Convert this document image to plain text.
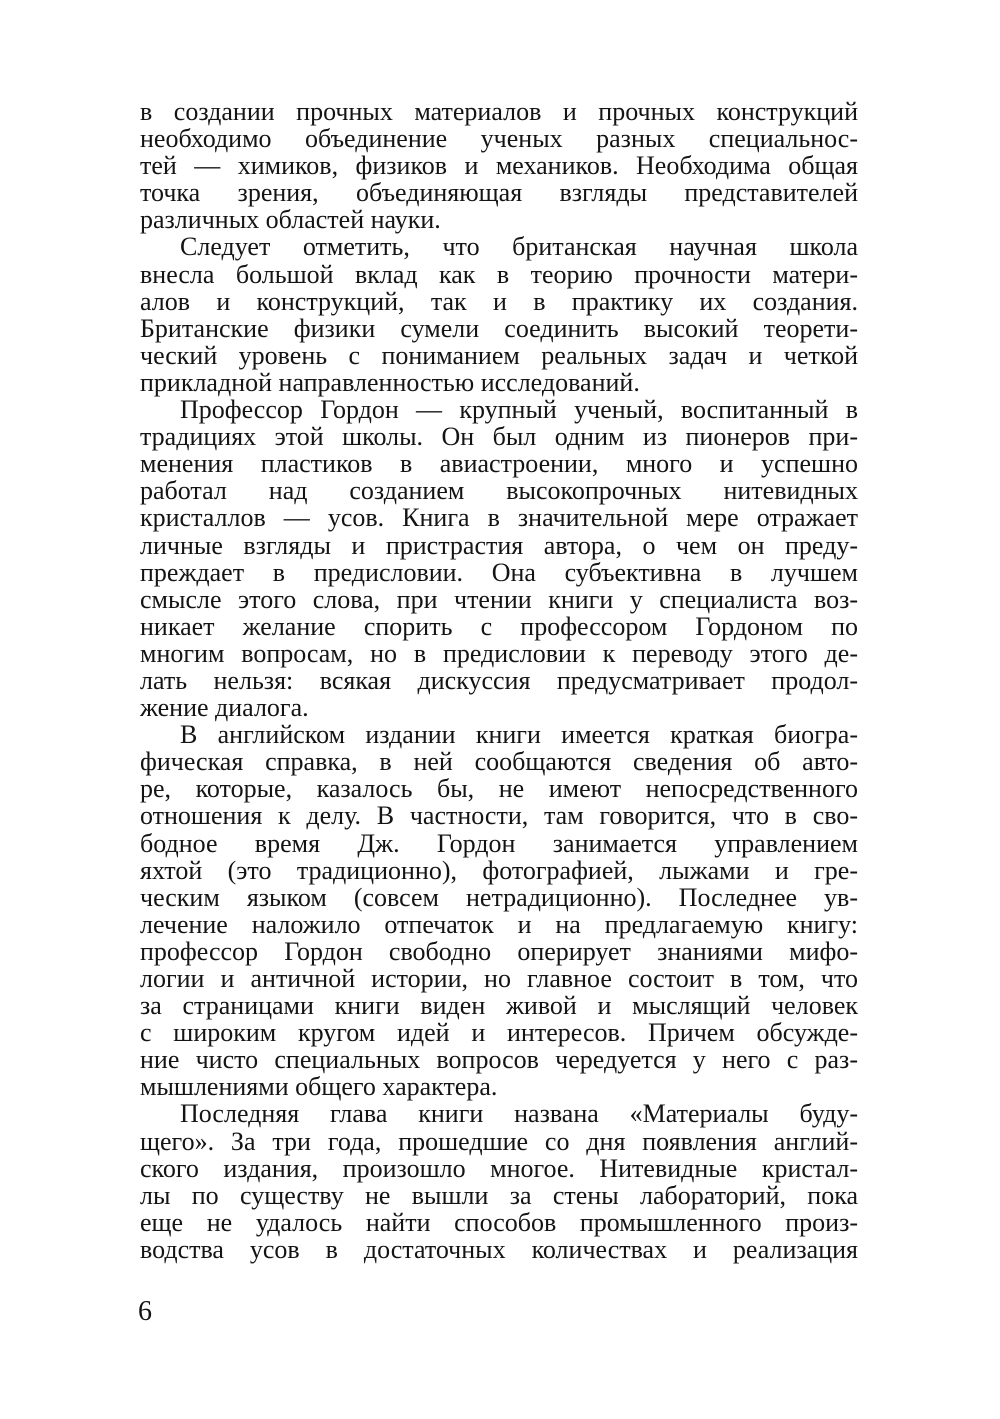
в создании прочных материалов и прочных конструкций
необходимо объединение ученых разных специальнос-
тей — химиков, физиков и механиков. Необходима общая
точка зрения, объединяющая взгляды представителей
различных областей науки.
Следует отметить, что британская научная школа
внесла большой вклад как в теорию прочности матери-
алов и конструкций, так и в практику их создания.
Британские физики сумели соединить высокий теорети-
ческий уровень с пониманием реальных задач и четкой
прикладной направленностью исследований.
Профессор Гордон — крупный ученый, воспитанный в
традициях этой школы. Он был одним из пионеров при-
менения пластиков в авиастроении, много и успешно
работал над созданием высокопрочных нитевидных
кристаллов — усов. Книга в значительной мере отражает
личные взгляды и пристрастия автора, о чем он преду-
преждает в предисловии. Она субъективна в лучшем
смысле этого слова, при чтении книги у специалиста воз-
никает желание спорить с профессором Гордоном по
многим вопросам, но в предисловии к переводу этого де-
лать нельзя: всякая дискуссия предусматривает продол-
жение диалога.
В английском издании книги имеется краткая биогра-
фическая справка, в ней сообщаются сведения об авто-
ре, которые, казалось бы, не имеют непосредственного
отношения к делу. В частности, там говорится, что в сво-
бодное время Дж. Гордон занимается управлением
яхтой (это традиционно), фотографией, лыжами и гре-
ческим языком (совсем нетрадиционно). Последнее ув-
лечение наложило отпечаток и на предлагаемую книгу:
профессор Гордон свободно оперирует знаниями мифо-
логии и античной истории, но главное состоит в том, что
за страницами книги виден живой и мыслящий человек
с широким кругом идей и интересов. Причем обсужде-
ние чисто специальных вопросов чередуется у него с раз-
мышлениями общего характера.
Последняя глава книги названа «Материалы буду-
щего». За три года, прошедшие со дня появления англий-
ского издания, произошло многое. Нитевидные кристал-
лы по существу не вышли за стены лабораторий, пока
еще не удалось найти способов промышленного произ-
водства усов в достаточных количествах и реализация
6
